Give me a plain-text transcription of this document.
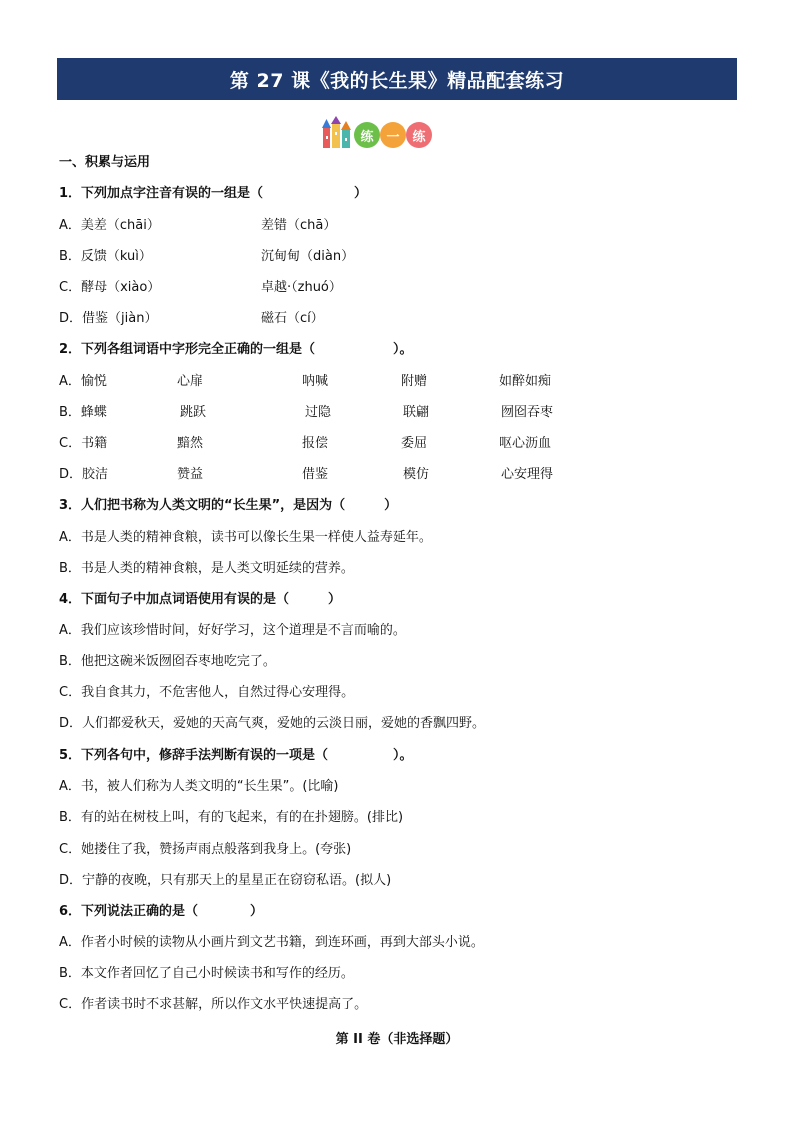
第 27 课《我的长生果》精品配套练习
练 一 练
一、积累与运用
1．下列加点字注音有误的一组是（　　　　　　　）
A．美差（chāi）	差错（chā）
B．反馈（kuì）	沉甸甸（diàn）
C．酵母（xiào）	卓越·（zhuó）
D．借鉴（jiàn）	磁石（cí）
2．下列各组词语中字形完全正确的一组是（　　　　　　）。
A．愉悦	心扉	呐喊	附赠	如醉如痴
B．蜂蝶	跳跃	过隐	联翩	囫囵吞枣
C．书籍	黯然	报偿	委屈	呕心沥血
D．胶洁	赞益	借鉴	模仿	心安理得
3．人们把书称为人类文明的“长生果”，是因为（　　　）
A．书是人类的精神食粮，读书可以像长生果一样使人益寿延年。
B．书是人类的精神食粮，是人类文明延续的营养。
4．下面句子中加点词语使用有误的是（　　　）
A．我们应该珍惜时间，好好学习，这个道理是不言而喻的。
B．他把这碗米饭囫囵吞枣地吃完了。
C．我自食其力，不危害他人，自然过得心安理得。
D．人们都爱秋天，爱她的天高气爽，爱她的云淡日丽，爱她的香飘四野。
5．下列各句中，修辞手法判断有误的一项是（　　　　　）。
A．书，被人们称为人类文明的“长生果”。(比喻)
B．有的站在树枝上叫，有的飞起来，有的在扑翅膀。(排比)
C．她搂住了我，赞扬声雨点般落到我身上。(夸张)
D．宁静的夜晚，只有那天上的星星正在窃窃私语。(拟人)
6．下列说法正确的是（　　　　）
A．作者小时候的读物从小画片到文艺书籍，到连环画，再到大部头小说。
B．本文作者回忆了自己小时候读书和写作的经历。
C．作者读书时不求甚解，所以作文水平快速提高了。
第 II 卷（非选择题）
